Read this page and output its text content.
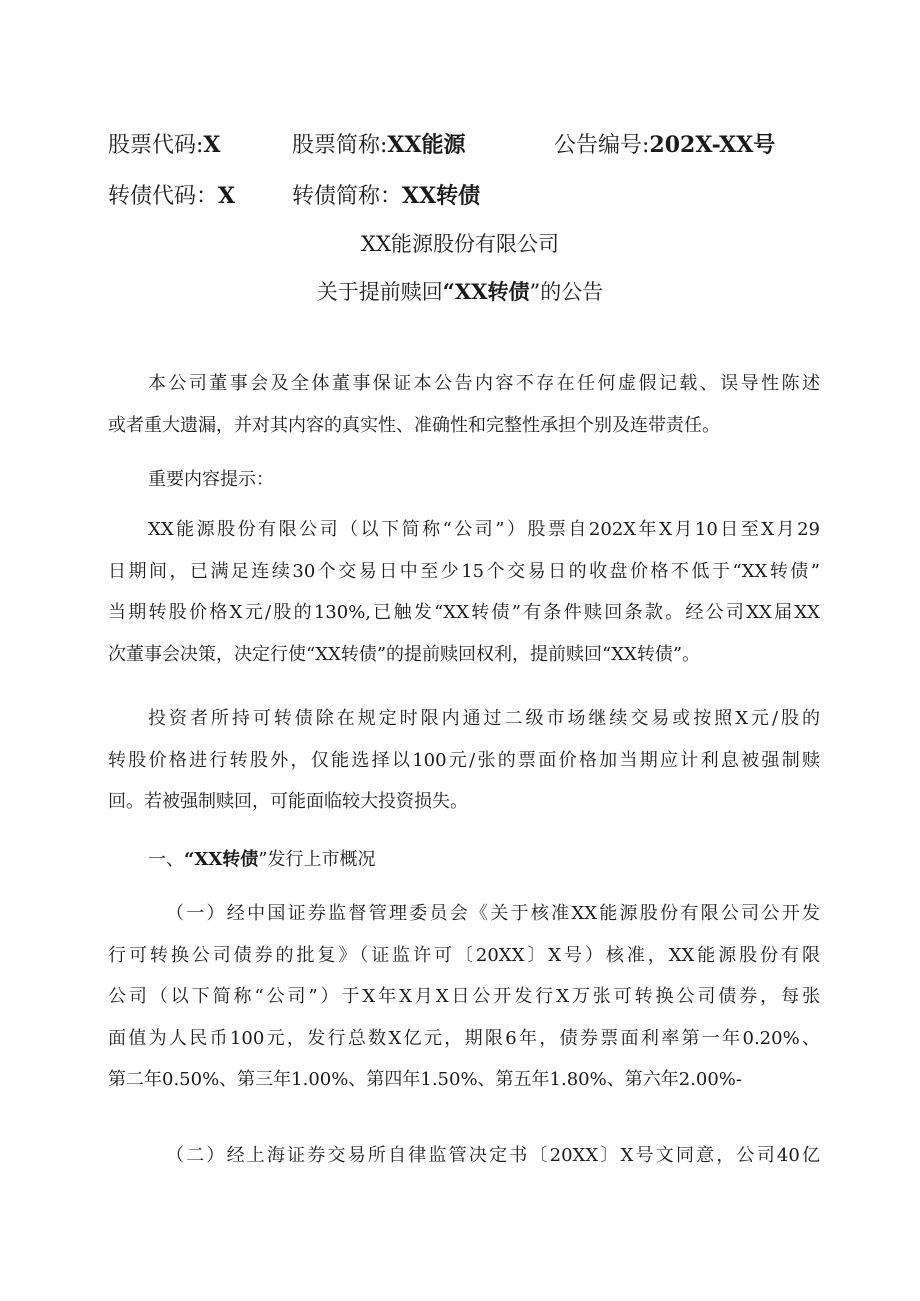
股票代码:X	股票简称:XX能源	公告编号:202X-XX号
转债代码：X	转债简称：XX转债
XX能源股份有限公司
关于提前赎回“XX转债”的公告
本公司董事会及全体董事保证本公告内容不存在任何虚假记载、误导性陈述
或者重大遗漏，并对其内容的真实性、准确性和完整性承担个别及连带责任。
重要内容提示：
XX能源股份有限公司（以下简称“公司”）股票自202X年X月10日至X月29
日期间，已满足连续30个交易日中至少15个交易日的收盘价格不低于“XX转债”
当期转股价格X元/股的130%,已触发“XX转债”有条件赎回条款。经公司XX届XX
次董事会决策，决定行使“XX转债”的提前赎回权利，提前赎回“XX转债”。
投资者所持可转债除在规定时限内通过二级市场继续交易或按照X元/股的
转股价格进行转股外，仅能选择以100元/张的票面价格加当期应计利息被强制赎
回。若被强制赎回，可能面临较大投资损失。
一、“XX转债”发行上市概况
（一）经中国证券监督管理委员会《关于核准XX能源股份有限公司公开发
行可转换公司债券的批复》（证监许可〔20XX〕X号）核准，XX能源股份有限
公司（以下简称“公司”）于X年X月X日公开发行X万张可转换公司债券，每张
面值为人民币100元，发行总数X亿元，期限6年，债券票面利率第一年0.20%、
第二年0.50%、第三年1.00%、第四年1.50%、第五年1.80%、第六年2.00%-
（二）经上海证券交易所自律监管决定书〔20XX〕X号文同意，公司40亿
